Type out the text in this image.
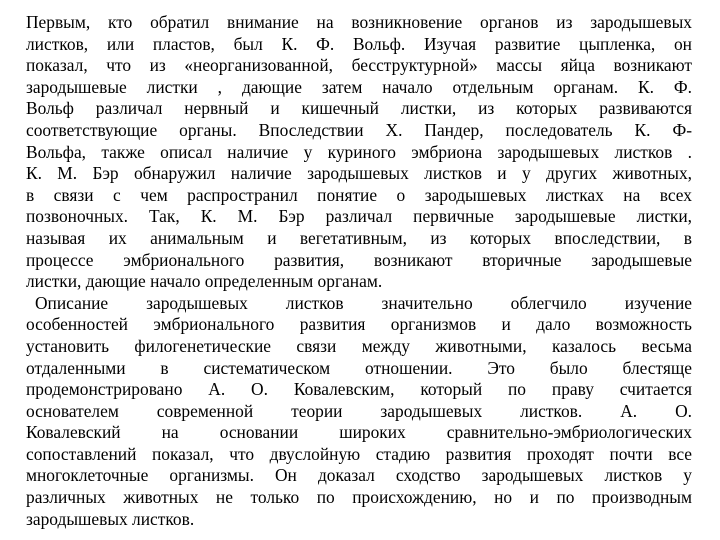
Первым, кто обратил внимание на возникновение органов из зародышевых
листков, или пластов, был К. Ф. Вольф. Изучая развитие цыпленка, он
показал, что из «неорганизованной, бесструктурной» массы яйца возникают
зародышевые листки , дающие затем начало отдельным органам. К. Ф.
Вольф различал нервный и кишечный листки, из которых развиваются
соответствующие органы. Впоследствии Х. Пандер, последователь К. Ф-
Вольфа, также описал наличие у куриного эмбриона зародышевых листков .
К. М. Бэр обнаружил наличие зародышевых листков и у других животных,
в связи с чем распространил понятие о зародышевых листках на всех
позвоночных. Так, К. М. Бэр различал первичные зародышевые листки,
называя их анимальным и вегетативным, из которых впоследствии, в
процессе эмбрионального развития, возникают вторичные зародышевые
листки, дающие начало определенным органам.
Описание зародышевых листков значительно облегчило изучение
особенностей эмбрионального развития организмов и дало возможность
установить филогенетические связи между животными, казалось весьма
отдаленными в систематическом отношении. Это было блестяще
продемонстрировано А. О. Ковалевским, который по праву считается
основателем современной теории зародышевых листков. А. О.
Ковалевский на основании широких сравнительно-эмбриологических
сопоставлений показал, что двуслойную стадию развития проходят почти все
многоклеточные организмы. Он доказал сходство зародышевых листков у
различных животных не только по происхождению, но и по производным
зародышевых листков.
